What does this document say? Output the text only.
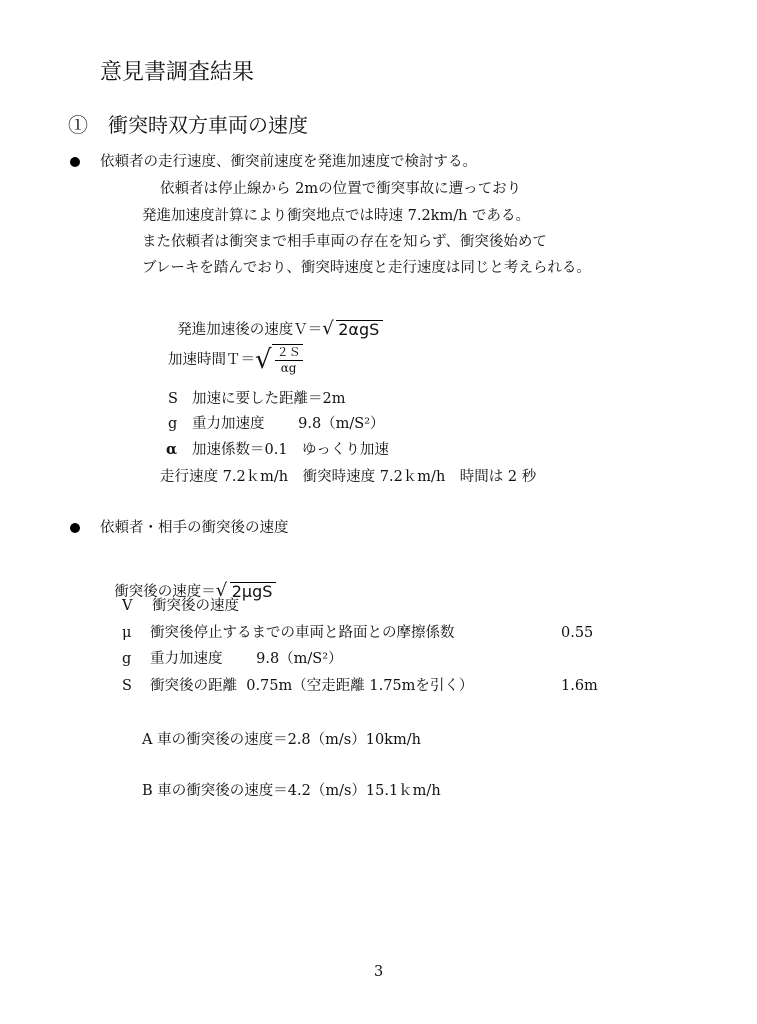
意見書調査結果
①　衝突時双方車両の速度
依頼者の走行速度、衝突前速度を発進加速度で検討する。
依頼者は停止線から 2mの位置で衝突事故に遭っており
発進加速度計算により衝突地点では時速 7.2km/h である。
また依頼者は衝突まで相手車両の存在を知らず、衝突後始めて
ブレーキを踏んでおり、衝突時速度と走行速度は同じと考えられる。

発進加速後の速度Ｖ＝ √ 2αgS

加速時間Ｔ＝ √ $\frac{\text{２Ｓ}}{\alpha g}$
S 加速に要した距離＝2m
g 重力加速度　　 9.8（m/S²）
α 加速係数＝0.1　ゆっくり加速
走行速度 7.2ｋm/h　衝突時速度 7.2ｋm/h　時間は 2 秒
依頼者・相手の衝突後の速度

衝突後の速度＝ √ 2μgS

V	衝突後の速度
μ	衝突後停止するまでの車両と路面との摩擦係数	0.55
g	重力加速度　　 9.8（m/S²）
S	衝突後の距離  0.75m（空走距離 1.75mを引く）	1.6m
A 車の衝突後の速度＝2.8（m/s）10km/h
B 車の衝突後の速度＝4.2（m/s）15.1ｋm/h
3
